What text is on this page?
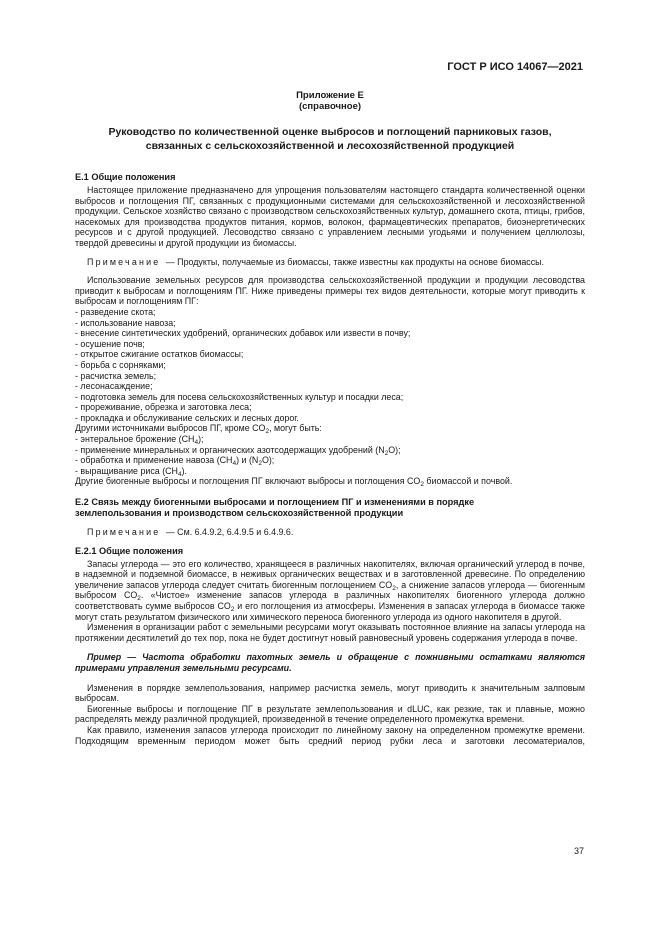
ГОСТ Р ИСО 14067—2021
Приложение Е
(справочное)
Руководство по количественной оценке выбросов и поглощений парниковых газов,
связанных с сельскохозяйственной и лесохозяйственной продукцией
Е.1 Общие положения

Настоящее приложение предназначено для упрощения пользователям настоящего стандарта количественной оценки выбросов и поглощения ПГ, связанных с продукционными системами для сельскохозяйственной и лесохозяйственной продукции. Сельское хозяйство связано с производством сельскохозяйственных культур, домашнего скота, птицы, грибов, насекомых для производства продуктов питания, кормов, волокон, фармацевтических препаратов, биоэнергетических ресурсов и с другой продукцией. Лесоводство связано с управлением лесными угодьями и получением целлюлозы, твердой древесины и другой продукции из биомассы.

Примечание — Продукты, получаемые из биомассы, также известны как продукты на основе биомассы.

Использование земельных ресурсов для производства сельскохозяйственной продукции и продукции лесоводства приводит к выбросам и поглощениям ПГ. Ниже приведены примеры тех видов деятельности, которые могут приводить к выбросам и поглощениям ПГ:

- разведение скота;
- использование навоза;
- внесение синтетических удобрений, органических добавок или извести в почву;
- осушение почв;
- открытое сжигание остатков биомассы;
- борьба с сорняками;
- расчистка земель;
- лесонасаждение;
- подготовка земель для посева сельскохозяйственных культур и посадки леса;
- прореживание, обрезка и заготовка леса;
- прокладка и обслуживание сельских и лесных дорог.
Другими источниками выбросов ПГ, кроме $CO_2$, могут быть:
- энтеральное брожение $(CH_4)$;
- применение минеральных и органических азотсодержащих удобрений $(N_2O)$;
- обработка и применение навоза $(CH_4)$ и $(N_2O)$;
- выращивание риса $(CH_4)$.
Другие биогенные выбросы и поглощения ПГ включают выбросы и поглощения $CO_2$ биомассой и почвой.
Е.2 Связь между биогенными выбросами и поглощением ПГ и изменениями в порядке
землепользования и производством сельскохозяйственной продукции

Примечание — См. 6.4.9.2, 6.4.9.5 и 6.4.9.6.

Е.2.1 Общие положения

Запасы углерода — это его количество, хранящееся в различных накопителях, включая органический углерод в почве, в надземной и подземной биомассе, в неживых органических веществах и в заготовленной древесине. По определению увеличение запасов углерода следует считать биогенным поглощением $CO_2$, а снижение запасов углерода — биогенным выбросом $CO_2$. «Чистое» изменение запасов углерода в различных накопителях биогенного углерода должно соответствовать сумме выбросов $CO_2$ и его поглощения из атмосферы. Изменения в запасах углерода в биомассе также могут стать результатом физического или химического переноса биогенного углерода из одного накопителя в другой.

Изменения в организации работ с земельными ресурсами могут оказывать постоянное влияние на запасы углерода на протяжении десятилетий до тех пор, пока не будет достигнут новый равновесный уровень содержания углерода в почве.

Пример — Частота обработки пахотных земель и обращение с пожнивными остатками являются примерами управления земельными ресурсами.

Изменения в порядке землепользования, например расчистка земель, могут приводить к значительным залповым выбросам.

Биогенные выбросы и поглощение ПГ в результате землепользования и dLUC, как резкие, так и плавные, можно распределять между различной продукцией, произведенной в течение определенного промежутка времени.

Как правило, изменения запасов углерода происходит по линейному закону на определенном промежутке времени. Подходящим временным периодом может быть средний период рубки леса и заготовки лесоматериалов,

37
